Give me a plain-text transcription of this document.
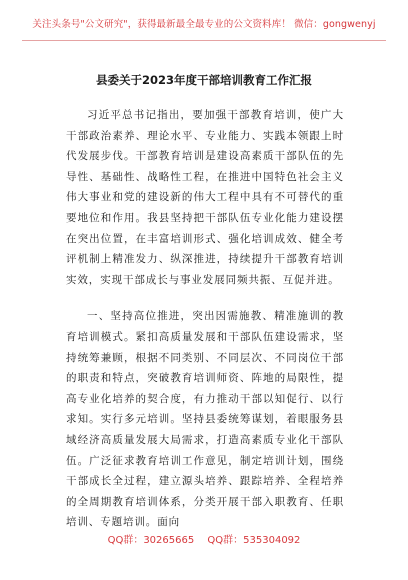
关注头条号"公文研究"，获得最新最全最专业的公文资料库！ 微信：gongwenyj
县委关于2023年度干部培训教育工作汇报

习近平总书记指出，要加强干部教育培训，使广大干部政治素养、理论水平、专业能力、实践本领跟上时代发展步伐。干部教育培训是建设高素质干部队伍的先导性、基础性、战略性工程，在推进中国特色社会主义伟大事业和党的建设新的伟大工程中具有不可替代的重要地位和作用。我县坚持把干部队伍专业化能力建设摆在突出位置，在丰富培训形式、强化培训成效、健全考评机制上精准发力、纵深推进，持续提升干部教育培训实效，实现干部成长与事业发展同频共振、互促并进。

一、坚持高位推进，突出因需施教、精准施训的教育培训模式。紧扣高质量发展和干部队伍建设需求，坚持统筹兼顾，根据不同类别、不同层次、不同岗位干部的职责和特点，突破教育培训师资、阵地的局限性，提高专业化培养的契合度，有力推动干部以知促行、以行求知。实行多元培训。坚持县委统筹谋划，着眼服务县域经济高质量发展大局需求，打造高素质专业化干部队伍。广泛征求教育培训工作意见，制定培训计划，围绕干部成长全过程，建立源头培养、跟踪培养、全程培养的全周期教育培训体系，分类开展干部入职教育、任职培训、专题培训。面向

QQ群：30265665 QQ群：535304092
